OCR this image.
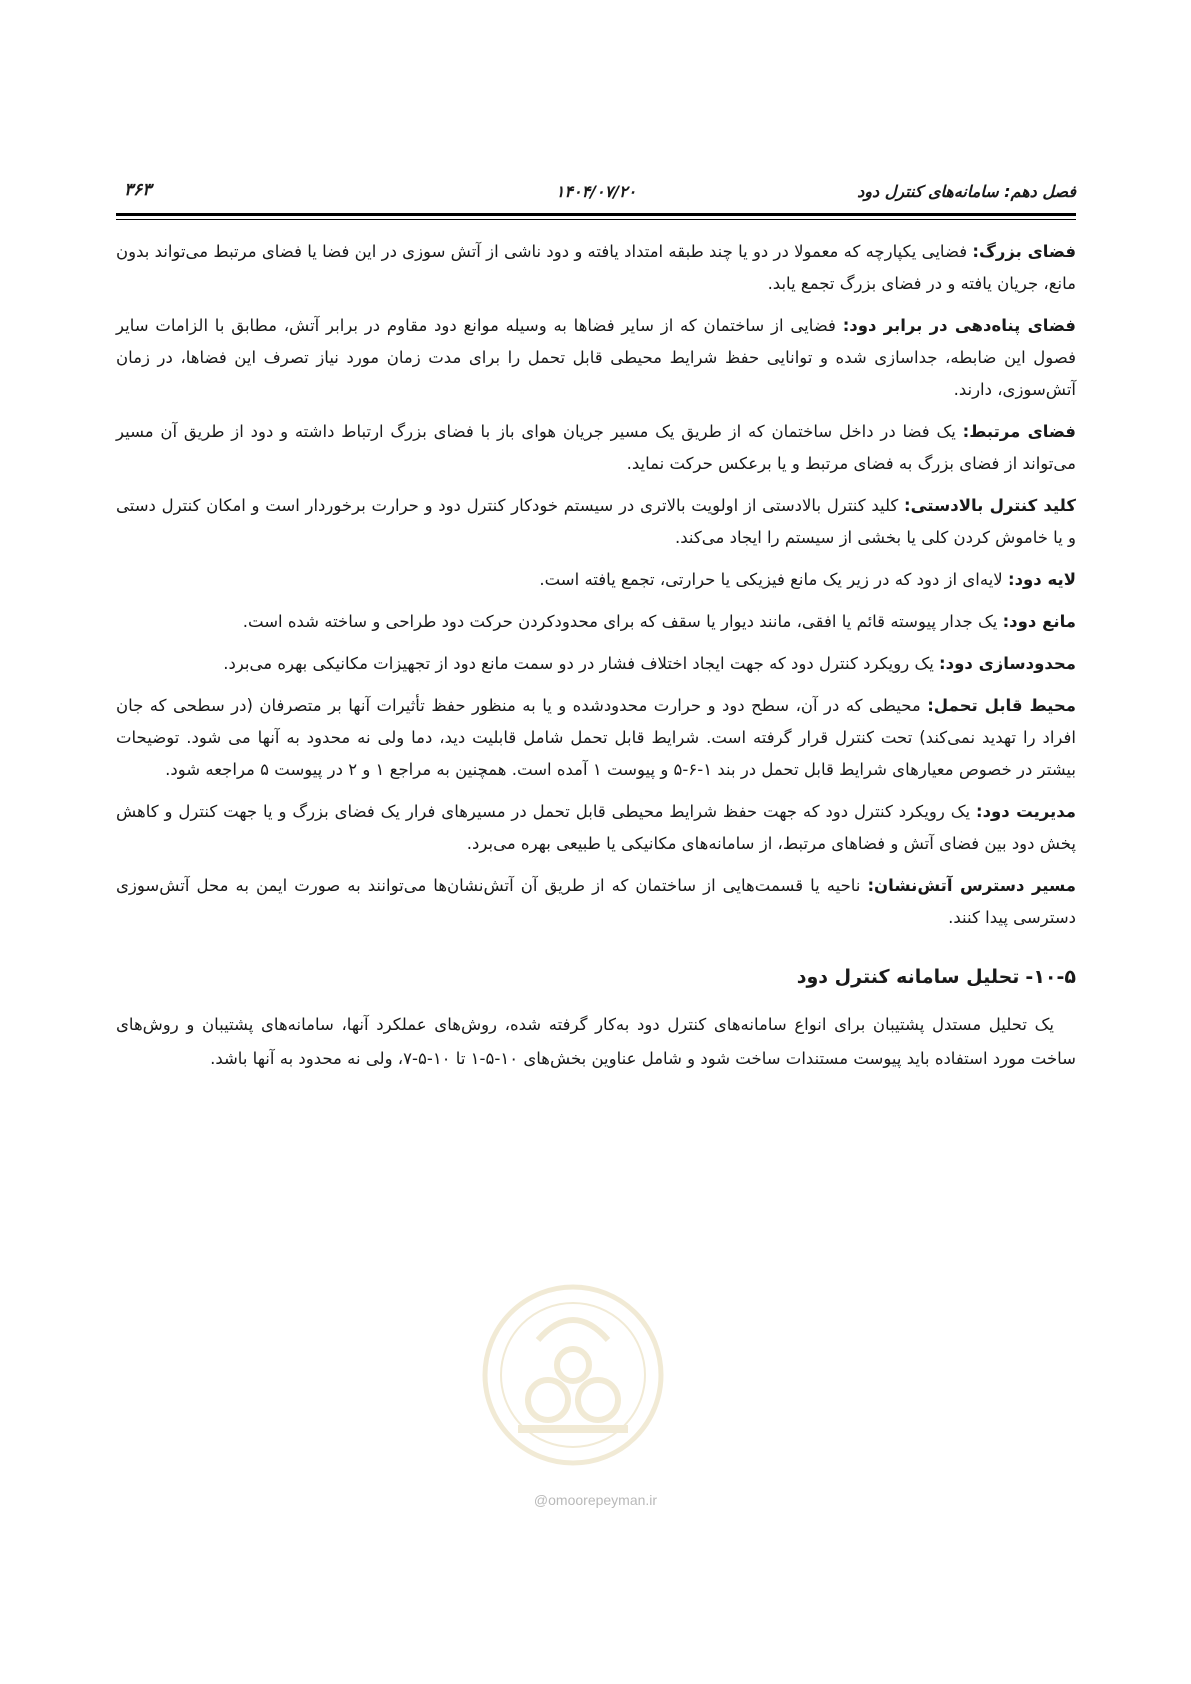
فصل دهم: سامانه‌های کنترل دود
۱۴۰۴/۰۷/۲۰
۳۶۳

فضای بزرگ: فضایی یکپارچه که معمولا در دو یا چند طبقه امتداد یافته و دود ناشی از آتش سوزی در این فضا یا فضای مرتبط می‌تواند بدون مانع، جریان یافته و در فضای بزرگ تجمع یابد.

فضای پناه‌دهی در برابر دود: فضایی از ساختمان که از سایر فضاها به وسیله موانع دود مقاوم در برابر آتش، مطابق با الزامات سایر فصول این ضابطه، جداسازی شده و توانایی حفظ شرایط محیطی قابل تحمل را برای مدت زمان مورد نیاز تصرف این فضاها، در زمان آتش‌سوزی، دارند.

فضای مرتبط: یک فضا در داخل ساختمان که از طریق یک مسیر جریان هوای باز با فضای بزرگ ارتباط داشته و دود از طریق آن مسیر می‌تواند از فضای بزرگ به فضای مرتبط و یا برعکس حرکت نماید.

کلید کنترل بالادستی: کلید کنترل بالادستی از اولویت بالاتری در سیستم خودکار کنترل دود و حرارت برخوردار است و امکان کنترل دستی و یا خاموش کردن کلی یا بخشی از سیستم را ایجاد می‌کند.

لایه دود: لایه‌ای از دود که در زیر یک مانع فیزیکی یا حرارتی، تجمع یافته است.

مانع دود: یک جدار پیوسته قائم یا افقی، مانند دیوار یا سقف که برای محدودکردن حرکت دود طراحی و ساخته شده است.

محدودسازی دود: یک رویکرد کنترل دود که جهت ایجاد اختلاف فشار در دو سمت مانع دود از تجهیزات مکانیکی بهره می‌برد.

محیط قابل تحمل: محیطی که در آن، سطح دود و حرارت محدودشده و یا به منظور حفظ تأثیرات آنها بر متصرفان (در سطحی که جان افراد را تهدید نمی‌کند) تحت کنترل قرار گرفته است. شرایط قابل تحمل شامل قابلیت دید، دما ولی نه محدود به آنها می شود. توضیحات بیشتر در خصوص معیارهای شرایط قابل تحمل در بند ۱-۶-۵ و پیوست ۱ آمده است. همچنین به مراجع ۱ و ۲ در پیوست ۵ مراجعه شود.

مدیریت دود: یک رویکرد کنترل دود که جهت حفظ شرایط محیطی قابل تحمل در مسیرهای فرار یک فضای بزرگ و یا جهت کنترل و کاهش پخش دود بین فضای آتش و فضاهای مرتبط، از سامانه‌های مکانیکی یا طبیعی بهره می‌برد.

مسیر دسترس آتش‌نشان: ناحیه یا قسمت‌هایی از ساختمان که از طریق آن آتش‌نشان‌ها می‌توانند به صورت ایمن به محل آتش‌سوزی دسترسی پیدا کنند.

۱۰-۵-تحلیل سامانه کنترل دود

یک تحلیل مستدل پشتیبان برای انواع سامانه‌های کنترل دود به‌کار گرفته شده، روش‌های عملکرد آنها، سامانه‌های پشتیبان و روش‌های ساخت مورد استفاده باید پیوست مستندات ساخت شود و شامل عناوین بخش‌های ۱۰-۵-۱ تا ۱۰-۵-۷، ولی نه محدود به آنها باشد.

@omoorepeyman.ir
